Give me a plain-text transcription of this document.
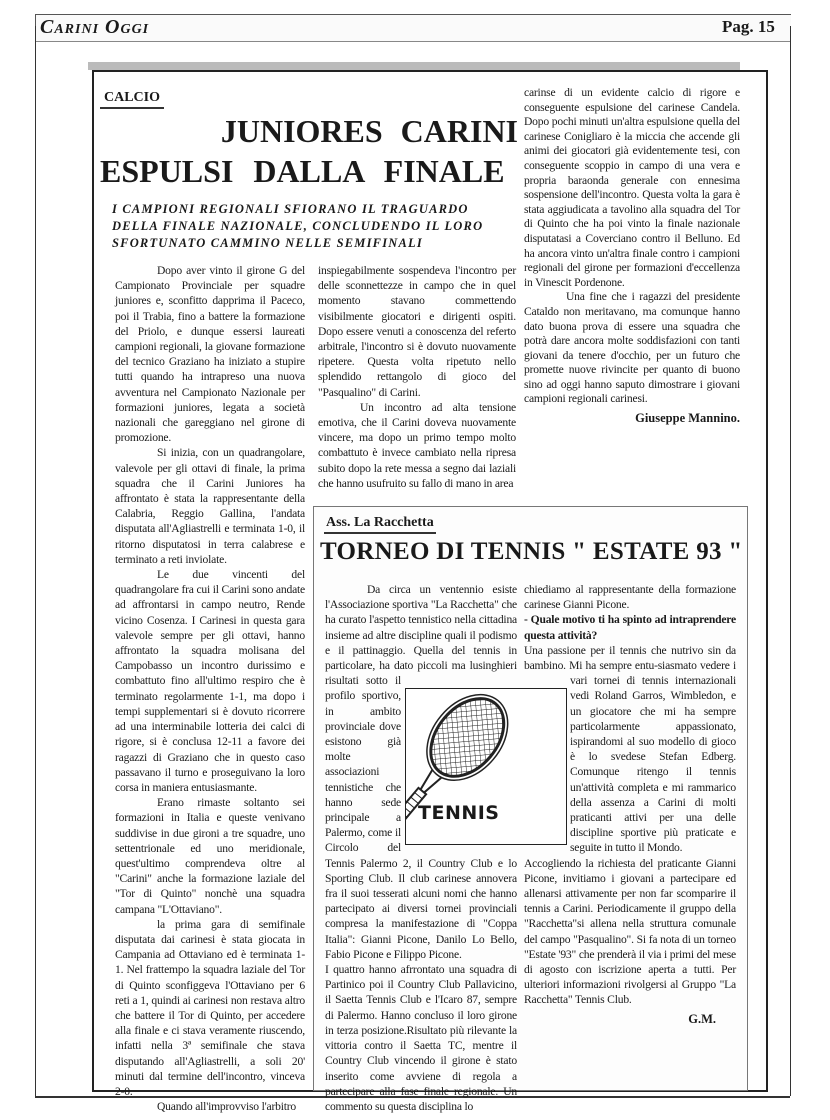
Carini Oggi	Pag. 15
Ass. La Racchetta
TORNEO DI TENNIS " ESTATE 93 "
TENNIS
CALCIO
JUNIORES CARINI
ESPULSI DALLA FINALE
I CAMPIONI REGIONALI SFIORANO IL TRAGUARDO DELLA FINALE NAZIONALE, CONCLUDENDO IL LORO SFORTUNATO CAMMINO NELLE SEMIFINALI

Dopo aver vinto il girone G del Campionato Provinciale per squadre juniores e, sconfitto dapprima il Paceco, poi il Trabia, fino a battere la formazione del Priolo, e dunque essersi laureati campioni regionali, la giovane formazione del tecnico Graziano ha iniziato a stupire tutti quando ha intrapreso una nuova avventura nel Campionato Nazionale per formazioni juniores, legata a società nazionali che gareggiano nel girone di promozione.

Si inizia, con un quadrangolare, valevole per gli ottavi di finale, la prima squadra che il Carini Juniores ha affrontato è stata la rappresentante della Calabria, Reggio Gallina, l'andata disputata all'Agliastrelli e terminata 1-0, il ritorno disputatosi in terra calabrese e terminato a reti inviolate.

Le due vincenti del quadrangolare fra cui il Carini sono andate ad affrontarsi in campo neutro, Rende vicino Cosenza. I Carinesi in questa gara valevole sempre per gli ottavi, hanno affrontato la squadra molisana del Campobasso un incontro durissimo e combattuto fino all'ultimo respiro che è terminato regolarmente 1-1, ma dopo i tempi supplementari si è dovuto ricorrere ad una interminabile lotteria dei calci di rigore, si è conclusa 12-11 a favore dei ragazzi di Graziano che in questo caso passavano il turno e proseguivano la loro corsa in maniera entusiasmante.

Erano rimaste soltanto sei formazioni in Italia e queste venivano suddivise in due gironi a tre squadre, uno settentrionale ed uno meridionale, quest'ultimo comprendeva oltre al "Carini" anche la formazione laziale del "Tor di Quinto" nonchè una squadra campana "L'Ottaviano".

la prima gara di semifinale disputata dai carinesi è stata giocata in Campania ad Ottaviano ed è terminata 1-1. Nel frattempo la squadra laziale del Tor di Quinto sconfiggeva l'Ottaviano per 6 reti a 1, quindi ai carinesi non restava altro che battere il Tor di Quinto, per accedere alla finale e ci stava veramente riuscendo, infatti nella 3ª semifinale che stava disputando all'Agliastrelli, a soli 20' minuti dal termine dell'incontro, vinceva 2-0.

Quando all'improvviso l'arbitro

inspiegabilmente sospendeva l'incontro per delle sconnettezze in campo che in quel momento stavano commettendo visibilmente giocatori e dirigenti ospiti. Dopo essere venuti a conoscenza del referto arbitrale, l'incontro si è dovuto nuovamente ripetere. Questa volta ripetuto nello splendido rettangolo di gioco del "Pasqualino" di Carini.

Un incontro ad alta tensione emotiva, che il Carini doveva nuovamente vincere, ma dopo un primo tempo molto combattuto è invece cambiato nella ripresa subito dopo la rete messa a segno dai laziali che hanno usufruito su fallo di mano in area

carinse di un evidente calcio di rigore e conseguente espulsione del carinese Candela. Dopo pochi minuti un'altra espulsione quella del carinese Conigliaro è la miccia che accende gli animi dei giocatori già evidentemente tesi, con conseguente scoppio in campo di una vera e propria baraonda generale con ennesima sospensione dell'incontro. Questa volta la gara è stata aggiudicata a tavolino alla squadra del Tor di Quinto che ha poi vinto la finale nazionale disputatasi a Coverciano contro il Belluno. Ed ha ancora vinto un'altra finale contro i campioni regionali del girone per formazioni d'eccellenza in Vinescit Pordenone.

Una fine che i ragazzi del presidente Cataldo non meritavano, ma comunque hanno dato buona prova di essere una squadra che potrà dare ancora molte soddisfazioni con tanti giovani da tenere d'occhio, per un futuro che promette nuove rivincite per quanto di buono sino ad oggi hanno saputo dimostrare i giovani campioni regionali carinesi.

Giuseppe Mannino.

Da circa un ventennio esiste l'Associazione sportiva "La Racchetta" che ha curato l'aspetto tennistico nella cittadina insieme ad altre discipline quali il podismo e il pattinaggio. Quella del tennis in particolare, ha dato piccoli ma lusinghieri risultati sotto il profilo sportivo, in ambito provinciale dove esistono già molte associazioni tennistiche che hanno sede principale a Palermo, come il Circolo del Tennis Palermo 2, il Country Club e lo Sporting Club. Il club carinese annovera fra il suoi tesserati alcuni nomi che hanno partecipato ai diversi tornei provinciali compresa la manifestazione di "Coppa Italia": Gianni Picone, Danilo Lo Bello, Fabio Picone e Filippo Picone.

I quattro hanno afrrontato una squadra di Partinico poi il Country Club Pallavicino, il Saetta Tennis Club e l'Icaro 87, sempre di Palermo. Hanno concluso il loro girone in terza posizione.Risultato più rilevante la vittoria contro il Saetta TC, mentre il Country Club vincendo il girone è stato inserito come avviene di regola a partecipare alla fase finale regionale. Un commento su questa disciplina lo

chiediamo al rappresentante della formazione carinese Gianni Picone.

- Quale motivo ti ha spinto ad intraprendere questa attività?

Una passione per il tennis che nutrivo sin da bambino. Mi ha sempre entu-siasmato vedere i vari tornei di tennis internazionali vedi Roland Garros, Wimbledon, e un giocatore che mi ha sempre particolarmente appassionato, ispirandomi al suo modello di gioco è lo svedese Stefan Edberg. Comunque ritengo il tennis un'attività completa e mi rammarico della assenza a Carini di molti praticanti attivi per una delle discipline sportive più praticate e seguite in tutto il Mondo.

Accogliendo la richiesta del praticante Gianni Picone, invitiamo i giovani a partecipare ed allenarsi attivamente per non far scomparire il tennis a Carini. Periodicamente il gruppo della "Racchetta"si allena nella struttura comunale del campo "Pasqualino". Si fa nota di un torneo "Estate '93" che prenderà il via i primi del mese di agosto con iscrizione aperta a tutti. Per ulteriori informazioni rivolgersi al Gruppo "La Racchetta" Tennis Club.

G.M.
